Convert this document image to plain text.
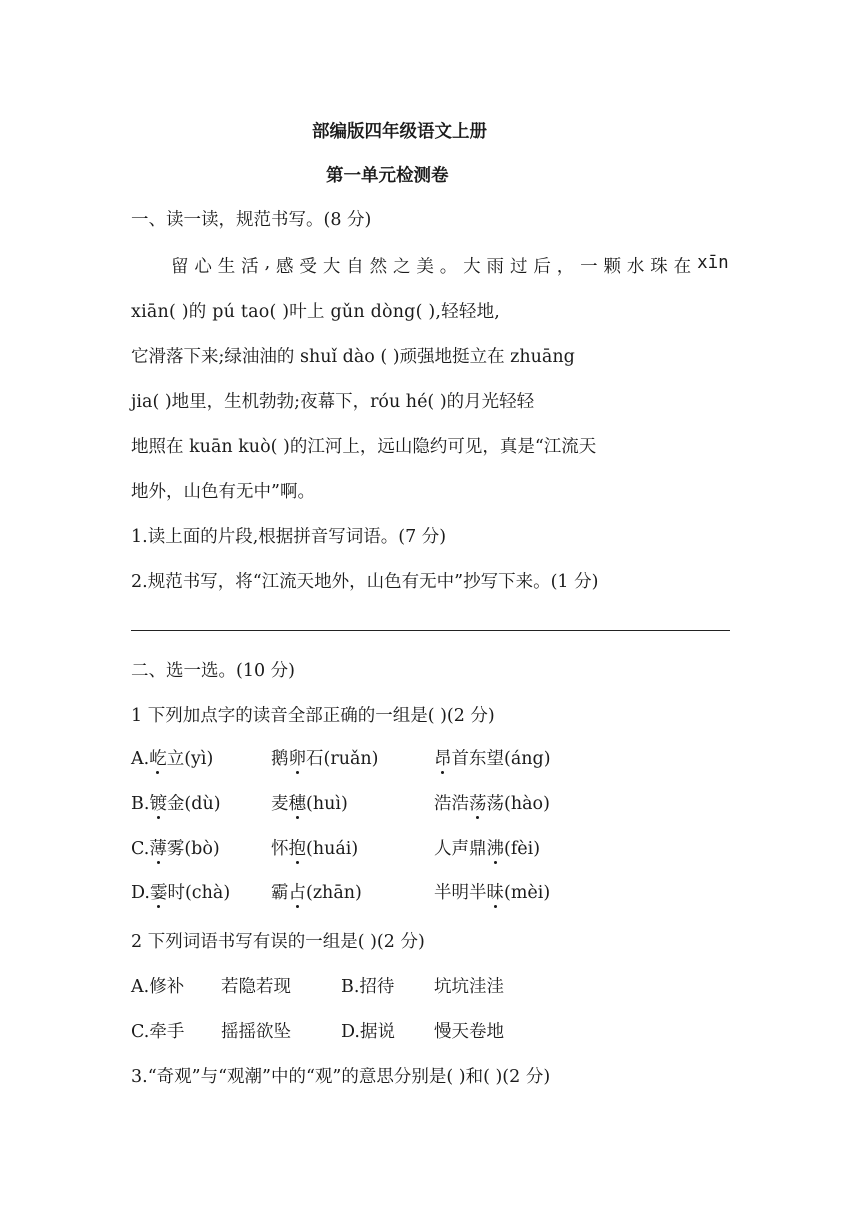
部编版四年级语文上册
第一单元检测卷
一、读一读，规范书写。(8 分)
留 心 生 活 , 感 受 大 自 然 之 美 。 大 雨 过 后 ， 一 颗 水 珠 在 xīn
xiān( )的 pú tao( )叶上 gǔn dòng( ),轻轻地,
它滑落下来;绿油油的 shuǐ dào ( )顽强地挺立在 zhuāng
jia( )地里，生机勃勃;夜幕下，róu hé( )的月光轻轻
地照在 kuān kuò( )的江河上，远山隐约可见，真是“江流天
地外，山色有无中”啊。
1.读上面的片段,根据拼音写词语。(7 分)
2.规范书写，将“江流天地外，山色有无中”抄写下来。(1 分)
二、选一选。(10 分)
1 下列加点字的读音全部正确的一组是( )(2 分)
A.屹立(yì)	鹅卵石(ruǎn)	昂首东望(áng)
B.镀金(dù)	麦穗(huì)	浩浩荡荡(hào)
C.薄雾(bò)	怀抱(huái)	人声鼎沸(fèi)
D.霎时(chà) 霸占(zhān)	半明半昧(mèi)
2 下列词语书写有误的一组是( )(2 分)
A.修补 若隐若现	B.招待 坑坑洼洼
C.牵手 摇摇欲坠	D.据说 慢天卷地
3.“奇观”与“观潮”中的“观”的意思分别是( )和( )(2 分)
